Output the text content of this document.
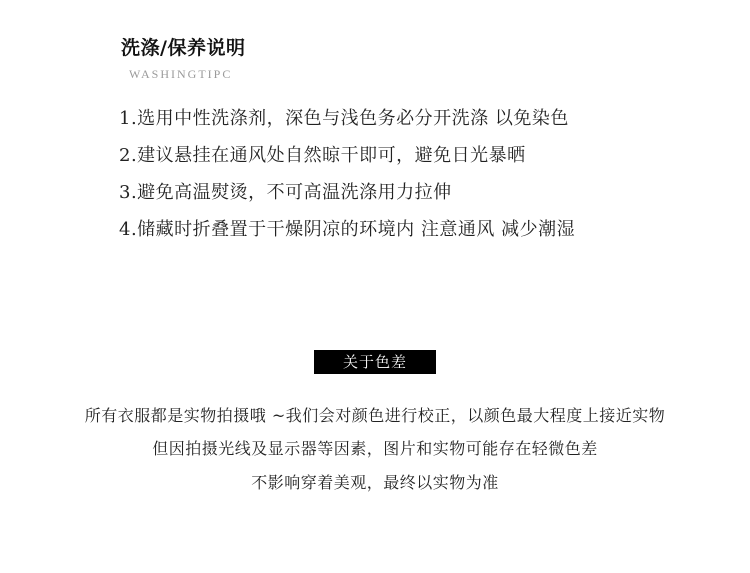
洗涤/保养说明
WASHINGTIPC
1.选用中性洗涤剂，深色与浅色务必分开洗涤 以免染色
2.建议悬挂在通风处自然晾干即可，避免日光暴晒
3.避免高温熨烫，不可高温洗涤用力拉伸
4.储藏时折叠置于干燥阴凉的环境内 注意通风 减少潮湿
关于色差
所有衣服都是实物拍摄哦 ~我们会对颜色进行校正，以颜色最大程度上接近实物
但因拍摄光线及显示器等因素，图片和实物可能存在轻微色差
不影响穿着美观，最终以实物为准
